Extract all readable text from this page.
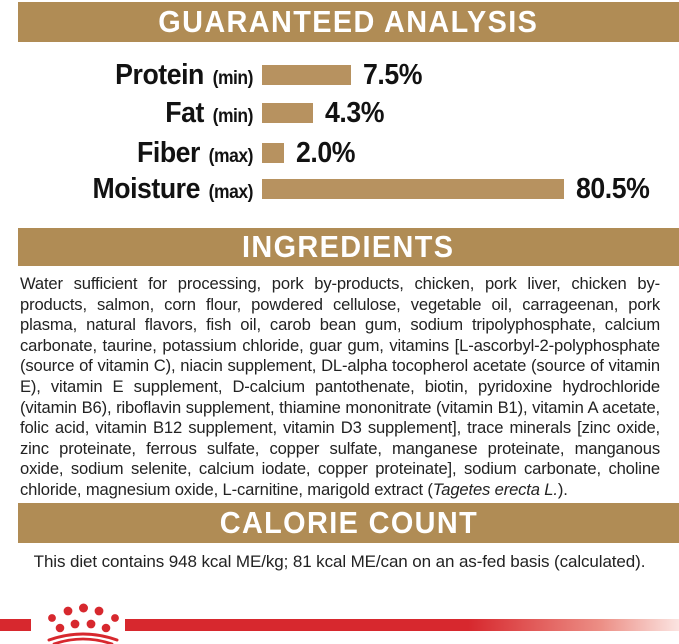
GUARANTEED ANALYSIS
Protein (min)	7.5%
Fat (min) 4.3%
Fiber (max) 2.0%
Moisture (max)	80.5%
INGREDIENTS
Water sufficient for processing, pork by-products, chicken, pork liver, chicken by-products, salmon, corn flour, powdered cellulose, vegetable oil, carrageenan, pork plasma, natural flavors, fish oil, carob bean gum, sodium tripolyphosphate, calcium carbonate, taurine, potassium chloride, guar gum, vitamins [L-ascorbyl-2-polyphosphate (source of vitamin C), niacin supplement, DL-alpha tocopherol acetate (source of vitamin E), vitamin E supplement, D-calcium pantothenate, biotin, pyridoxine hydrochloride (vitamin B6), riboflavin supplement, thiamine mononitrate (vitamin B1), vitamin A acetate, folic acid, vitamin B12 supplement, vitamin D3 supplement], trace minerals [zinc oxide, zinc proteinate, ferrous sulfate, copper sulfate, manganese proteinate, manganous oxide, sodium selenite, calcium iodate, copper proteinate], sodium carbonate, choline chloride, magnesium oxide, L-carnitine, marigold extract (Tagetes erecta L.).
CALORIE COUNT
This diet contains 948 kcal ME/kg; 81 kcal ME/can on an as-fed basis (calculated).
